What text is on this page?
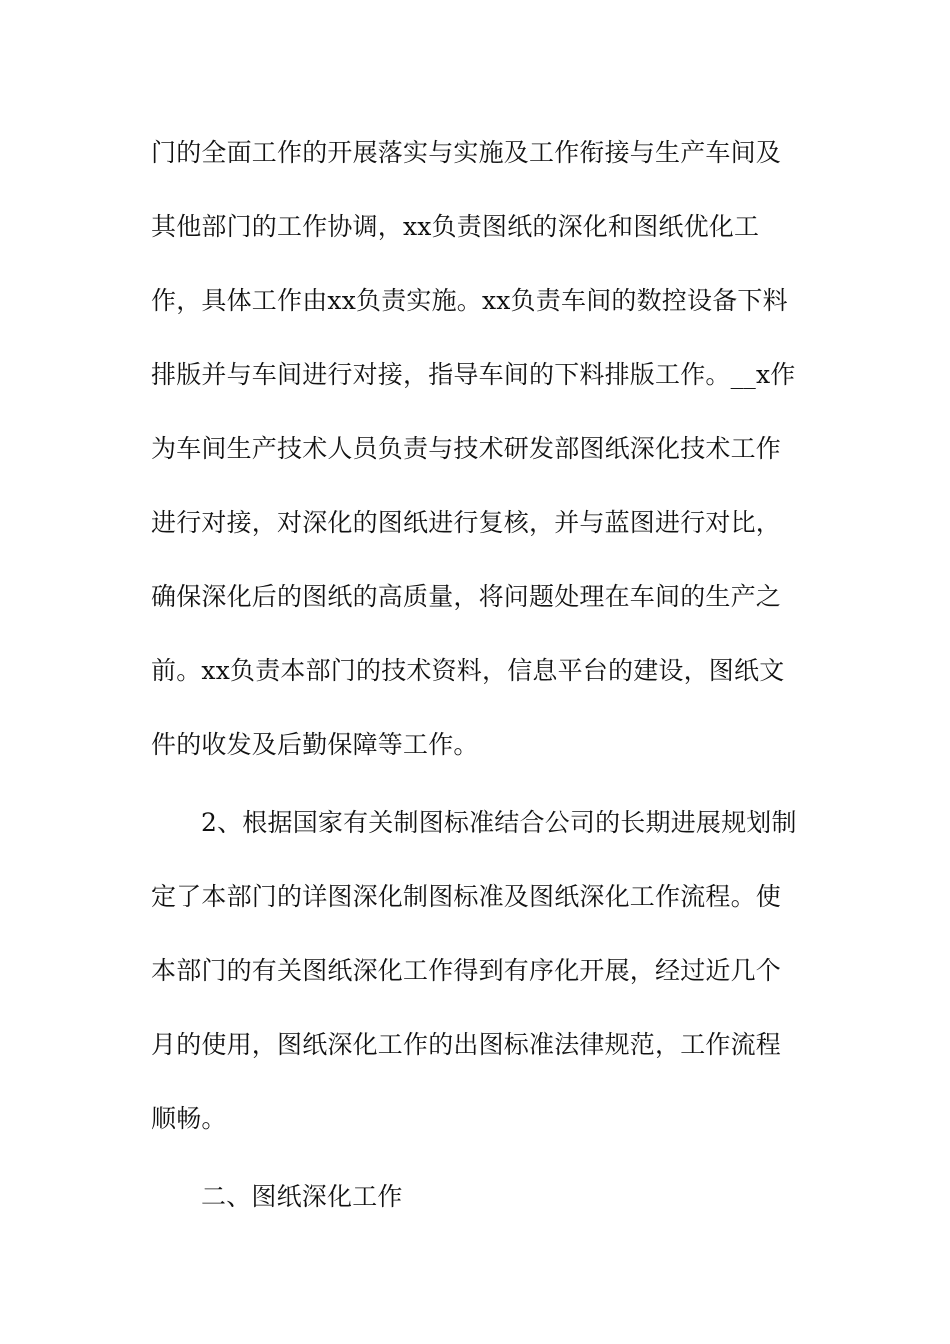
门的全面工作的开展落实与实施及工作衔接与生产车间及
其他部门的工作协调，xx负责图纸的深化和图纸优化工
作，具体工作由xx负责实施。xx负责车间的数控设备下料
排版并与车间进行对接，指导车间的下料排版工作。__x作
为车间生产技术人员负责与技术研发部图纸深化技术工作
进行对接，对深化的图纸进行复核，并与蓝图进行对比，
确保深化后的图纸的高质量，将问题处理在车间的生产之
前。xx负责本部门的技术资料，信息平台的建设，图纸文
件的收发及后勤保障等工作。
2、根据国家有关制图标准结合公司的长期进展规划制
定了本部门的详图深化制图标准及图纸深化工作流程。使
本部门的有关图纸深化工作得到有序化开展，经过近几个
月的使用，图纸深化工作的出图标准法律规范，工作流程
顺畅。
二、图纸深化工作
